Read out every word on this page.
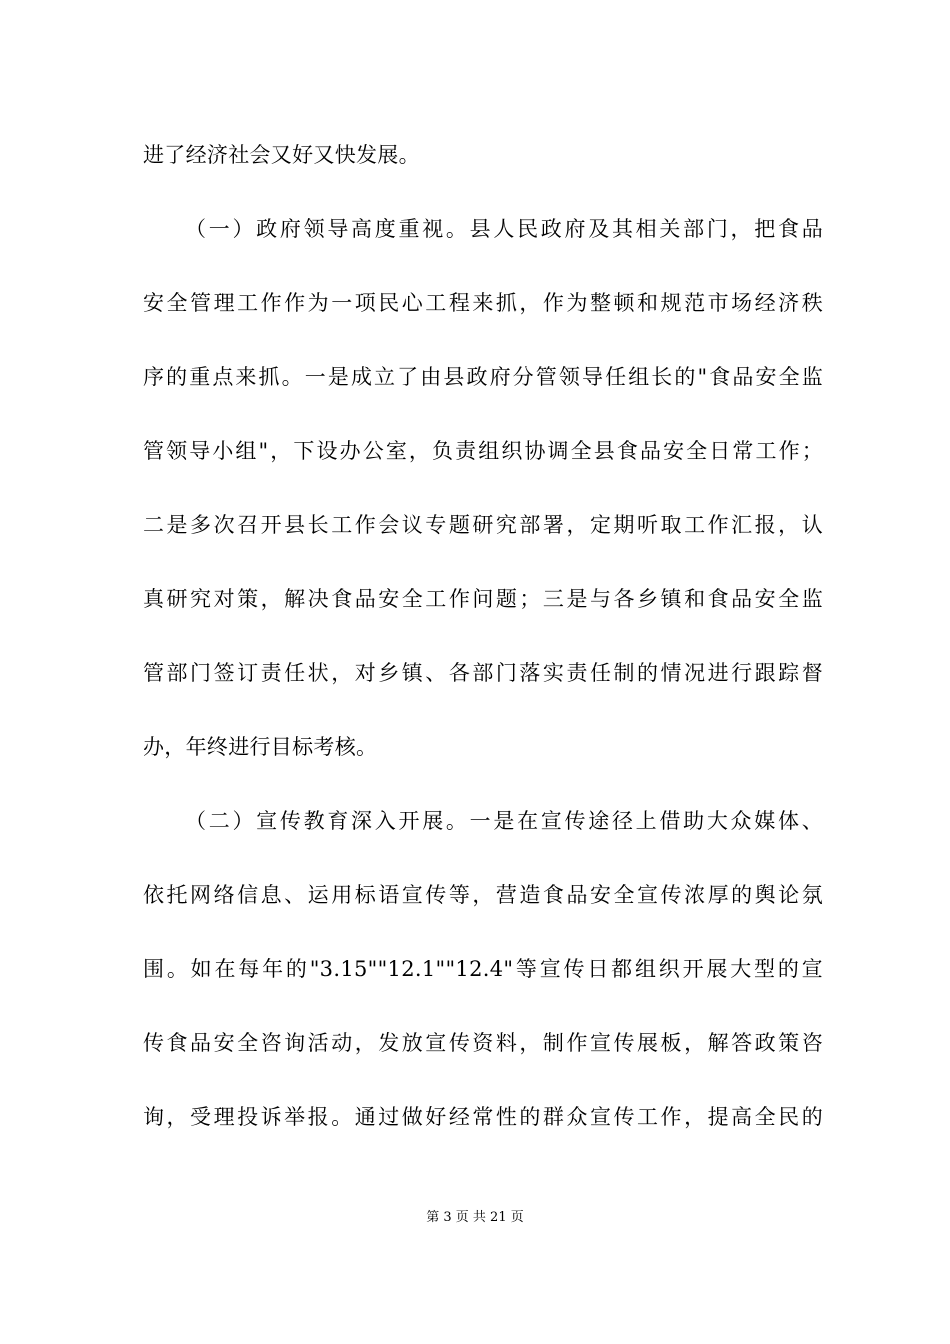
进了经济社会又好又快发展。
（一）政府领导高度重视。县人民政府及其相关部门，把食品
安全管理工作作为一项民心工程来抓，作为整顿和规范市场经济秩
序的重点来抓。一是成立了由县政府分管领导任组长的"食品安全监
管领导小组"，下设办公室，负责组织协调全县食品安全日常工作；
二是多次召开县长工作会议专题研究部署，定期听取工作汇报，认
真研究对策，解决食品安全工作问题；三是与各乡镇和食品安全监
管部门签订责任状，对乡镇、各部门落实责任制的情况进行跟踪督
办，年终进行目标考核。
（二）宣传教育深入开展。一是在宣传途径上借助大众媒体、
依托网络信息、运用标语宣传等，营造食品安全宣传浓厚的舆论氛
围。如在每年的"3.15""12.1""12.4"等宣传日都组织开展大型的宣
传食品安全咨询活动，发放宣传资料，制作宣传展板，解答政策咨
询，受理投诉举报。通过做好经常性的群众宣传工作，提高全民的
第 3 页 共 21 页
